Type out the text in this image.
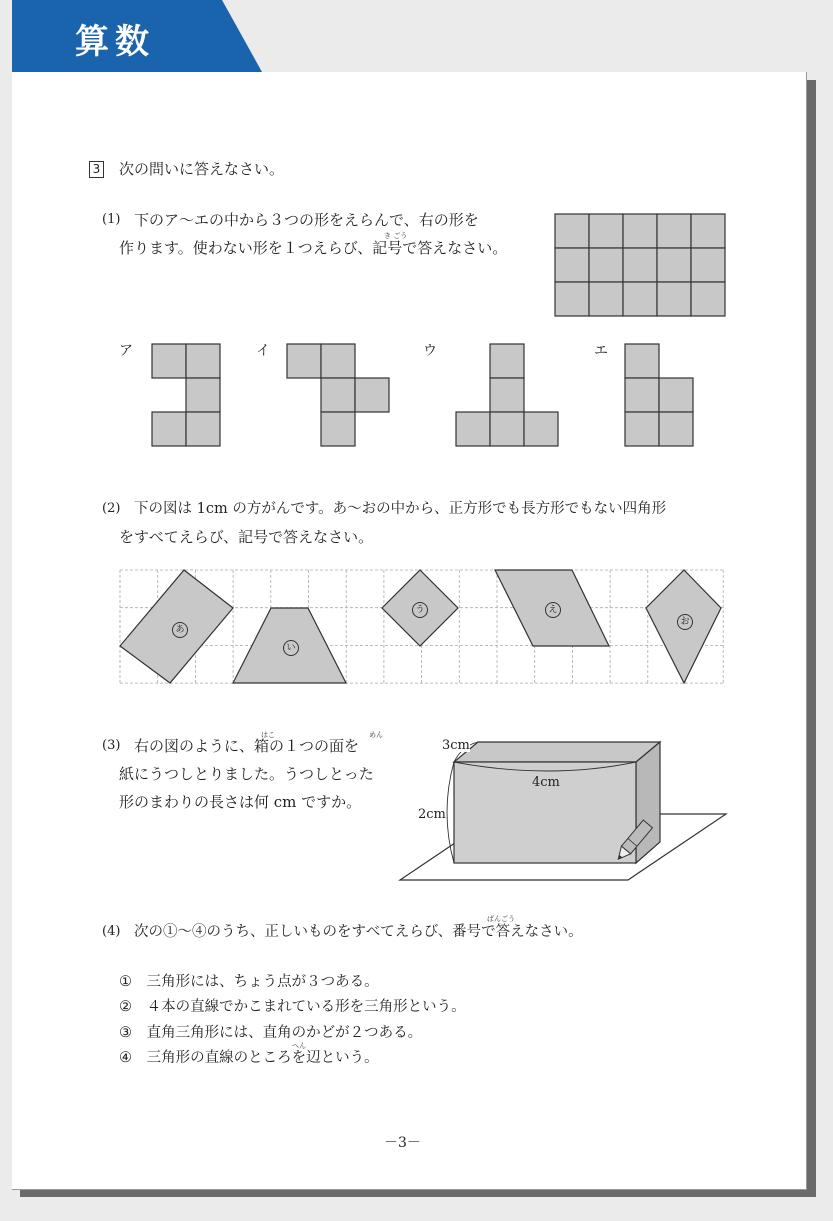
算数
3 次の問いに答えなさい。
(1) 下のア～エの中から３つの形をえらんで、右の形を
き ごう
作ります。使わない形を１つえらび、記号で答えなさい。
ア	イ	ウ	エ
(2) 下の図は 1cm の方がんです。あ～おの中から、正方形でも長方形でもない四角形
をすべてえらび、記号で答えなさい。
あ
い
う	え
お
(3)
はこ	めん
右の図のように、箱の１つの面を
紙にうつしとりました。うつしとった
形のまわりの長さは何 cm ですか。
3cm
4cm
2cm
(4)
ばんごう
次の①～④のうち、正しいものをすべてえらび、番号で答えなさい。
① 三角形には、ちょう点が３つある。
② ４本の直線でかこまれている形を三角形という。
③ 直角三角形には、直角のかどが２つある。
へん
④ 三角形の直線のところを辺という。
－3－
